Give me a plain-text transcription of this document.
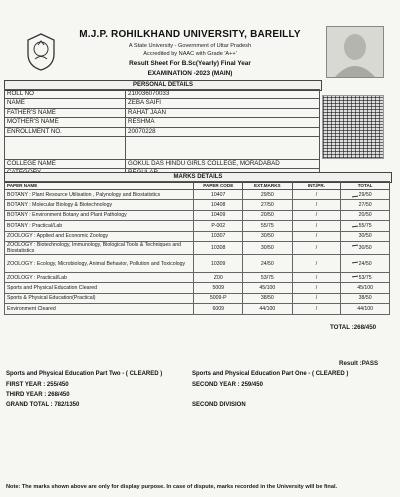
M.J.P. ROHILKHAND UNIVERSITY, BAREILLY
A State University - Government of Uttar Pradesh
Accredited by NAAC with Grade 'A++'
Result Sheet For B.Sc(Yearly) Final Year
EXAMINATION -2023 (MAIN)
PERSONAL DETAILS
ROLL NO	210036070033
NAME	ZEBA SAIFI
FATHER'S NAME	RAHAT JAAN
MOTHER'S NAME	RESHMA
ENROLLMENT NO.	20070228

COLLEGE NAME	GOKUL DAS HINDU GIRLS COLLEGE, MORADABAD

MARKS DETAILS
PAPER NAME	PAPER CODE	EXT.MARKS	INT./PR.	TOTAL
BOTANY : Plant Resource Utilisation , Palynology and Biostatistics	10407	29/50	/	29/50
BOTANY : Molecular Biology & Biotechnology	10408	27/50	/	27/50
BOTANY : Environment Botany and Plant Pathology	10409	20/50	/	20/50
BOTANY : Practical/Lab	P-002	55/75	/	55/75
ZOOLOGY : Applied and Economic Zoology	10307	30/50	/	30/50
ZOOLOGY : Biotechnology, Immunology, Biological Tools & Techniques and Biostatistics	10308	30/50	/	30/50
ZOOLOGY : Ecology, Microbiology, Animal Behavior, Pollution and Toxicology	10309	24/50	/	24/50
ZOOLOGY : Practical/Lab	Z00	53/75	/	53/75
Sports and Physical Education Cleared	5009	45/100	/	45/100
Sports & Physical Education(Practical)	5009-P	38/50	/	38/50
Environment Cleared	6009	44/100	/	44/100
TOTAL :268/450
Result :PASS
Sports and Physical Education Part Two - ( CLEARED )	Sports and Physical Education Part One - ( CLEARED )
FIRST YEAR : 255/450	SECOND YEAR : 259/450
THIRD YEAR : 268/450
GRAND TOTAL : 782/1350	SECOND DIVISION
Note: The marks shown above are only for display purpose. In case of dispute, marks recorded in the University will be final.
